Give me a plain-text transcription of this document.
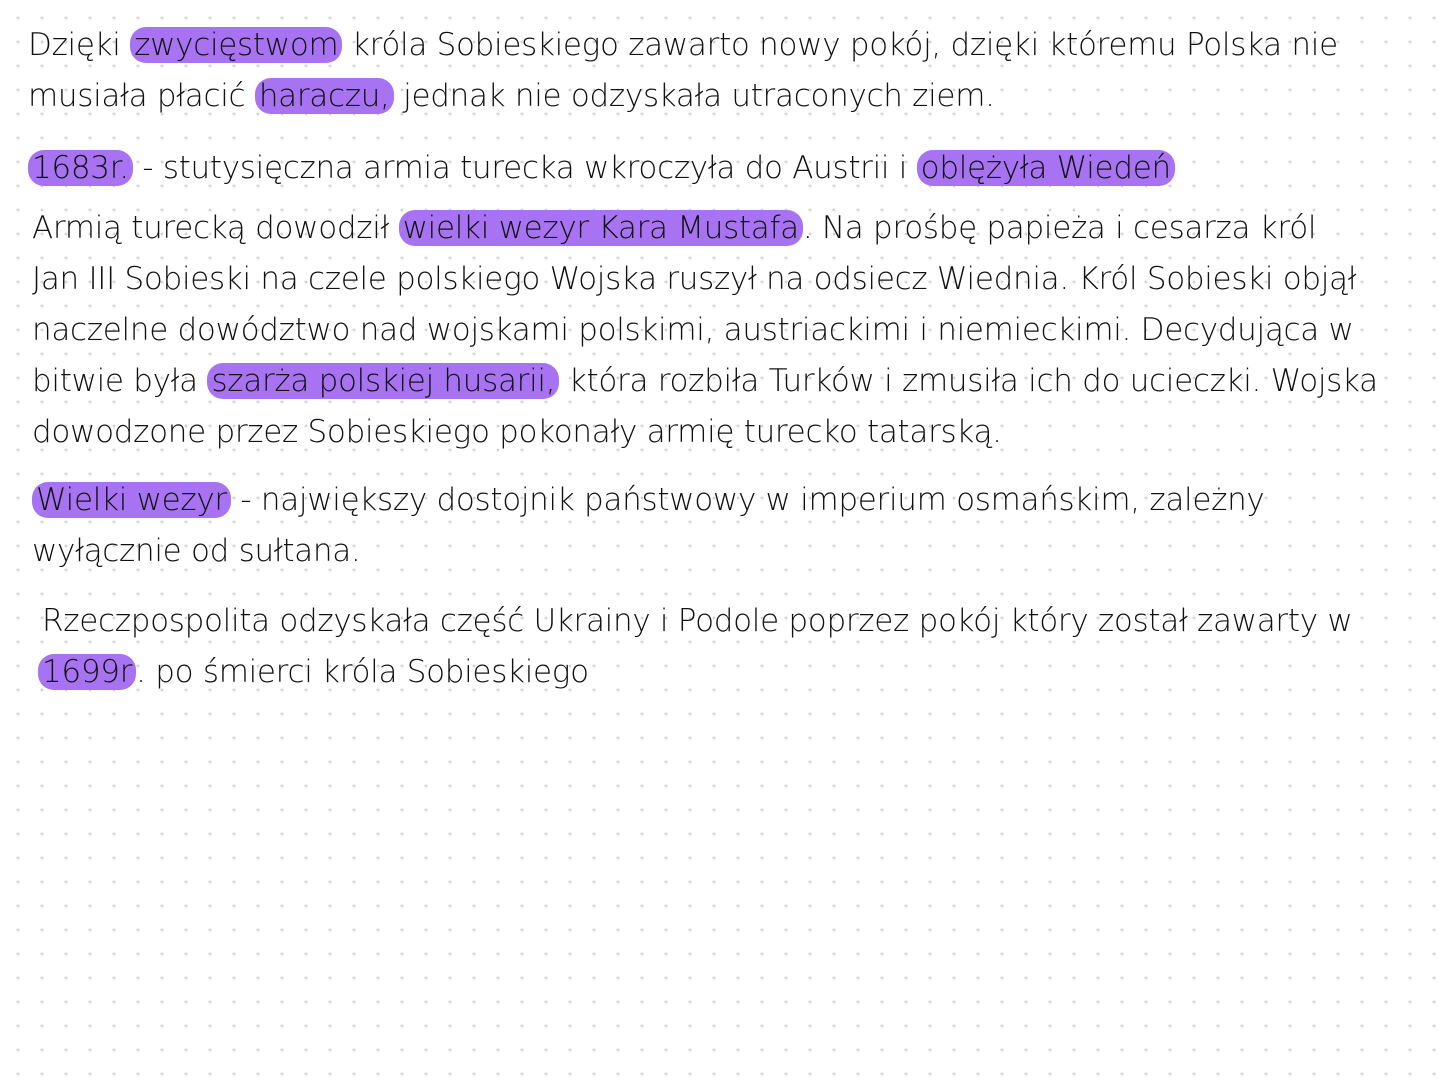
Dzięki zwycięstwom króla Sobieskiego zawarto nowy pokój, dzięki któremu Polska nie
musiała płacić haraczu, jednak nie odzyskała utraconych ziem.
1683r. - stutysięczna armia turecka wkroczyła do Austrii i oblężyła Wiedeń
Armią turecką dowodził wielki wezyr Kara Mustafa . Na prośbę papieża i cesarza król
Jan III Sobieski na czele polskiego Wojska ruszył na odsiecz Wiednia. Król Sobieski objął
naczelne dowództwo nad wojskami polskimi, austriackimi i niemieckimi. Decydująca w
bitwie była szarża polskiej husarii, która rozbiła Turków i zmusiła ich do ucieczki. Wojska
dowodzone przez Sobieskiego pokonały armię turecko tatarską.
Wielki wezyr - największy dostojnik państwowy w imperium osmańskim, zależny
wyłącznie od sułtana.
Rzeczpospolita odzyskała część Ukrainy i Podole poprzez pokój który został zawarty w
1699r . po śmierci króla Sobieskiego
